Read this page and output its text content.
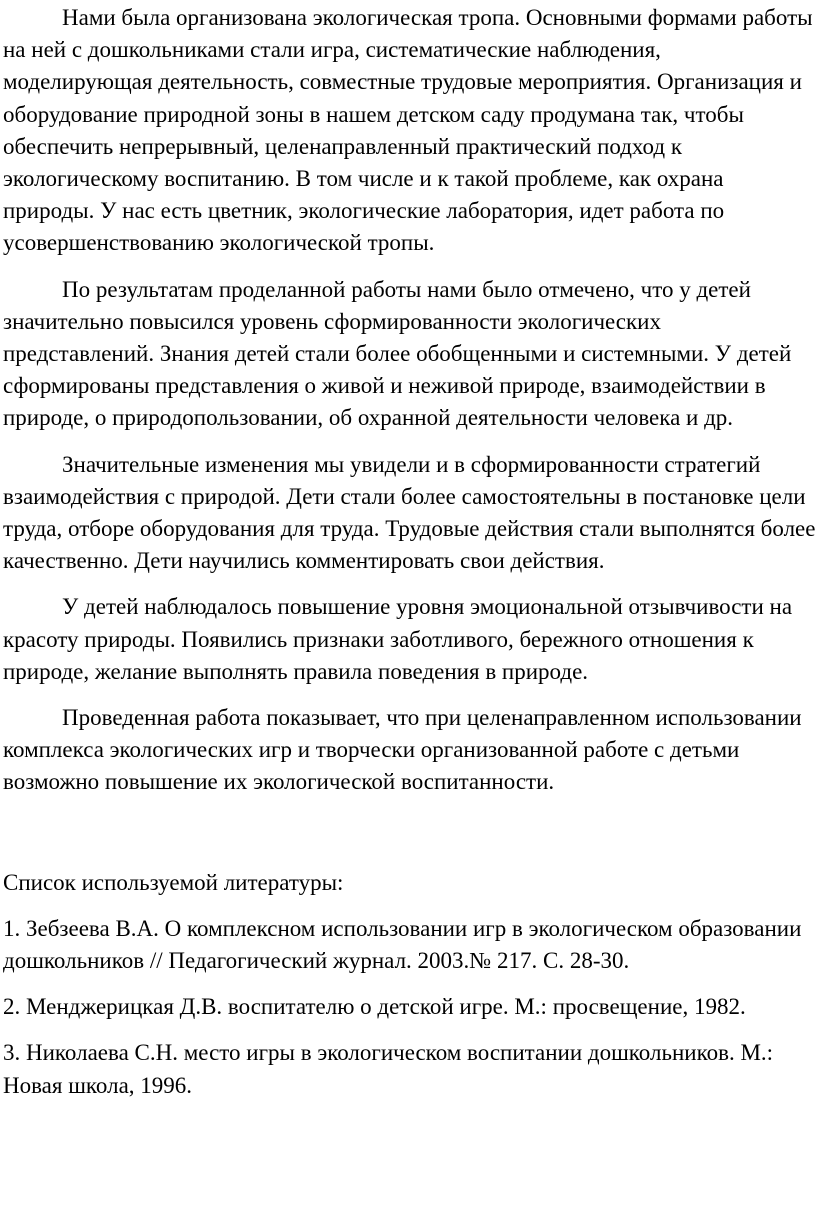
Нами была организована экологическая тропа. Основными формами работы на ней с дошкольниками стали игра, систематические наблюдения, моделирующая деятельность, совместные трудовые мероприятия. Организация и оборудование природной зоны в нашем детском саду продумана так, чтобы обеспечить непрерывный, целенаправленный практический подход к экологическому воспитанию. В том числе и к такой проблеме, как охрана природы. У нас есть цветник, экологические лаборатория, идет работа по усовершенствованию экологической тропы.

По результатам проделанной работы нами было отмечено, что у детей значительно повысился уровень сформированности экологических представлений. Знания детей стали более обобщенными и системными. У детей сформированы представления о живой и неживой природе, взаимодействии в природе, о природопользовании, об охранной деятельности человека и др.

Значительные изменения мы увидели и в сформированности стратегий взаимодействия с природой. Дети стали более самостоятельны в постановке цели труда, отборе оборудования для труда. Трудовые действия стали выполнятся более качественно. Дети научились комментировать свои действия.

У детей наблюдалось повышение уровня эмоциональной отзывчивости на красоту природы. Появились признаки заботливого, бережного отношения к природе, желание выполнять правила поведения в природе.

Проведенная работа показывает, что при целенаправленном использовании комплекса экологических игр и творчески организованной работе с детьми возможно повышение их экологической воспитанности.

Список используемой литературы:

1. Зебзеева В.А. О комплексном использовании игр в экологическом образовании дошкольников // Педагогический журнал. 2003.№ 217. С. 28-30.

2. Менджерицкая Д.В. воспитателю о детской игре. М.: просвещение, 1982.

3. Николаева С.Н. место игры в экологическом воспитании дошкольников. М.: Новая школа, 1996.
